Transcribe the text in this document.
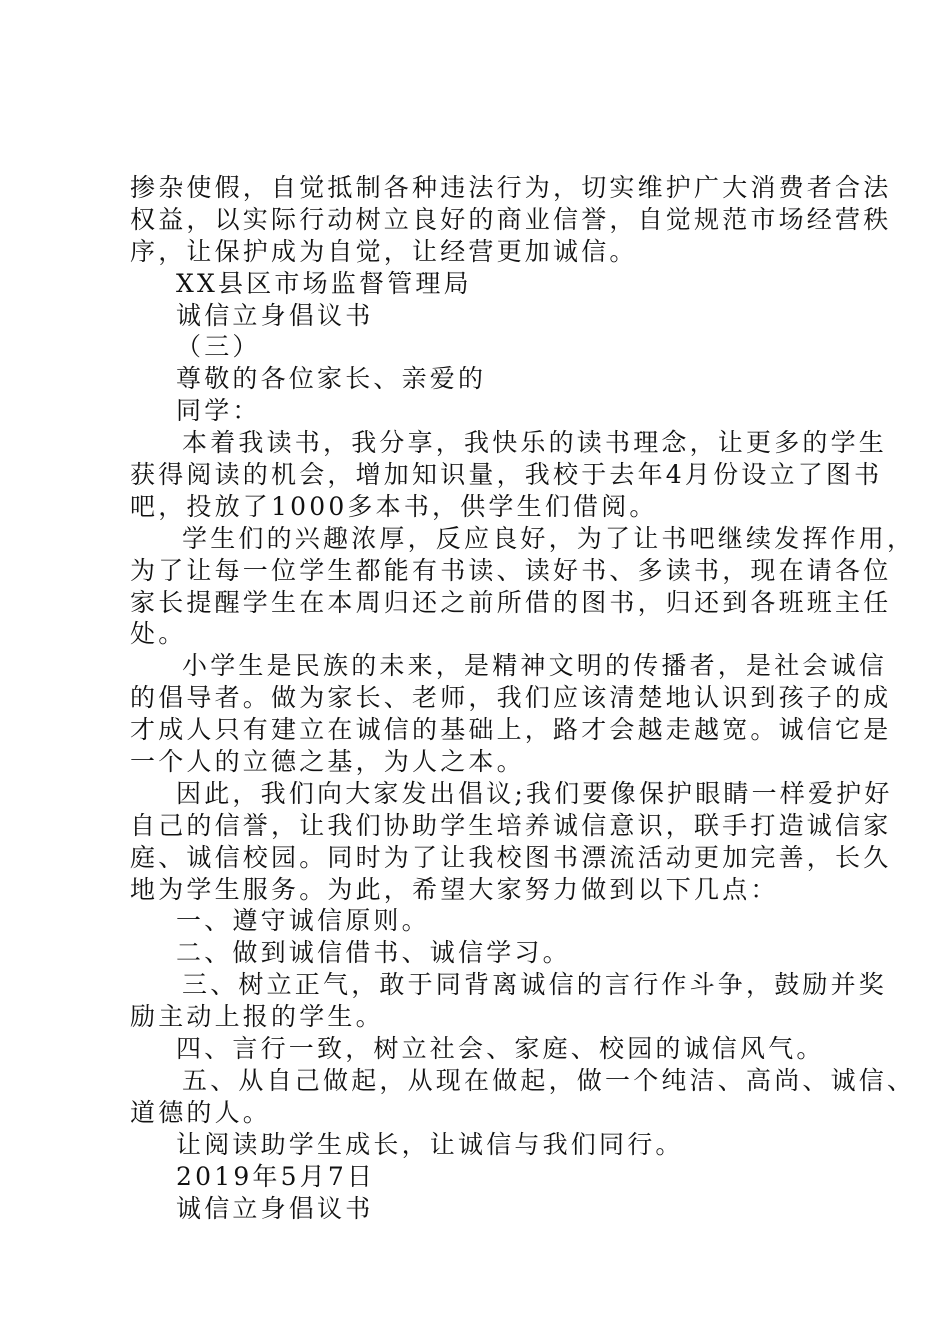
掺杂使假，自觉抵制各种违法行为，切实维护广大消费者合法
权益，以实际行动树立良好的商业信誉，自觉规范市场经营秩
序，让保护成为自觉，让经营更加诚信。
XX县区市场监督管理局
诚信立身倡议书
（三）
尊敬的各位家长、亲爱的
同学：
本着我读书，我分享，我快乐的读书理念，让更多的学生
获得阅读的机会，增加知识量，我校于去年4月份设立了图书
吧，投放了1000多本书，供学生们借阅。
学生们的兴趣浓厚，反应良好，为了让书吧继续发挥作用，
为了让每一位学生都能有书读、读好书、多读书，现在请各位
家长提醒学生在本周归还之前所借的图书，归还到各班班主任
处。
小学生是民族的未来，是精神文明的传播者，是社会诚信
的倡导者。做为家长、老师，我们应该清楚地认识到孩子的成
才成人只有建立在诚信的基础上，路才会越走越宽。诚信它是
一个人的立德之基，为人之本。
因此，我们向大家发出倡议;我们要像保护眼睛一样爱护好
自己的信誉，让我们协助学生培养诚信意识，联手打造诚信家
庭、诚信校园。同时为了让我校图书漂流活动更加完善，长久
地为学生服务。为此，希望大家努力做到以下几点：
一、遵守诚信原则。
二、做到诚信借书、诚信学习。
三、树立正气，敢于同背离诚信的言行作斗争，鼓励并奖
励主动上报的学生。
四、言行一致，树立社会、家庭、校园的诚信风气。
五、从自己做起，从现在做起，做一个纯洁、高尚、诚信、
道德的人。
让阅读助学生成长，让诚信与我们同行。
2019年5月7日
诚信立身倡议书
